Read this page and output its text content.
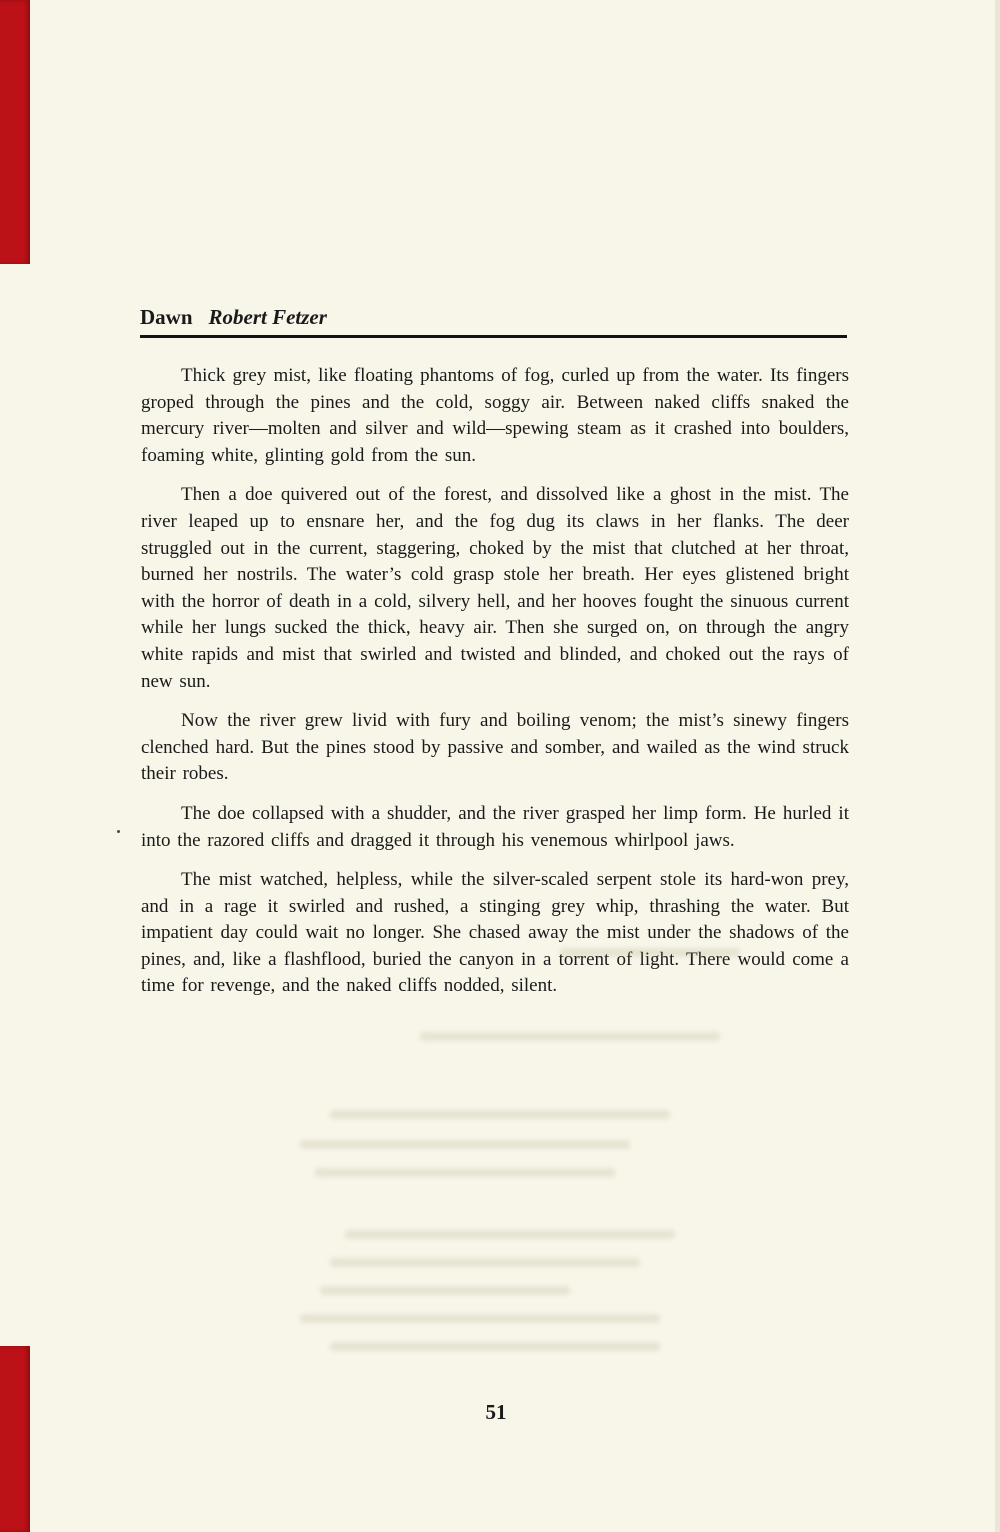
Dawn Robert Fetzer

Thick grey mist, like floating phantoms of fog, curled up from the water. Its fingers groped through the pines and the cold, soggy air. Between naked cliffs snaked the mercury river—molten and silver and wild—spewing steam as it crashed into boulders, foaming white, glinting gold from the sun.

Then a doe quivered out of the forest, and dissolved like a ghost in the mist. The river leaped up to ensnare her, and the fog dug its claws in her flanks. The deer struggled out in the current, staggering, choked by the mist that clutched at her throat, burned her nostrils. The water’s cold grasp stole her breath. Her eyes glistened bright with the horror of death in a cold, silvery hell, and her hooves fought the sinuous current while her lungs sucked the thick, heavy air. Then she surged on, on through the angry white rapids and mist that swirled and twisted and blinded, and choked out the rays of new sun.

Now the river grew livid with fury and boiling venom; the mist’s sinewy fingers clenched hard. But the pines stood by passive and somber, and wailed as the wind struck their robes.

The doe collapsed with a shudder, and the river grasped her limp form. He hurled it into the razored cliffs and dragged it through his venemous whirlpool jaws.

The mist watched, helpless, while the silver-scaled serpent stole its hard-won prey, and in a rage it swirled and rushed, a stinging grey whip, thrashing the water. But impatient day could wait no longer. She chased away the mist under the shadows of the pines, and, like a flashflood, buried the canyon in a torrent of light. There would come a time for revenge, and the naked cliffs nodded, silent.

51
